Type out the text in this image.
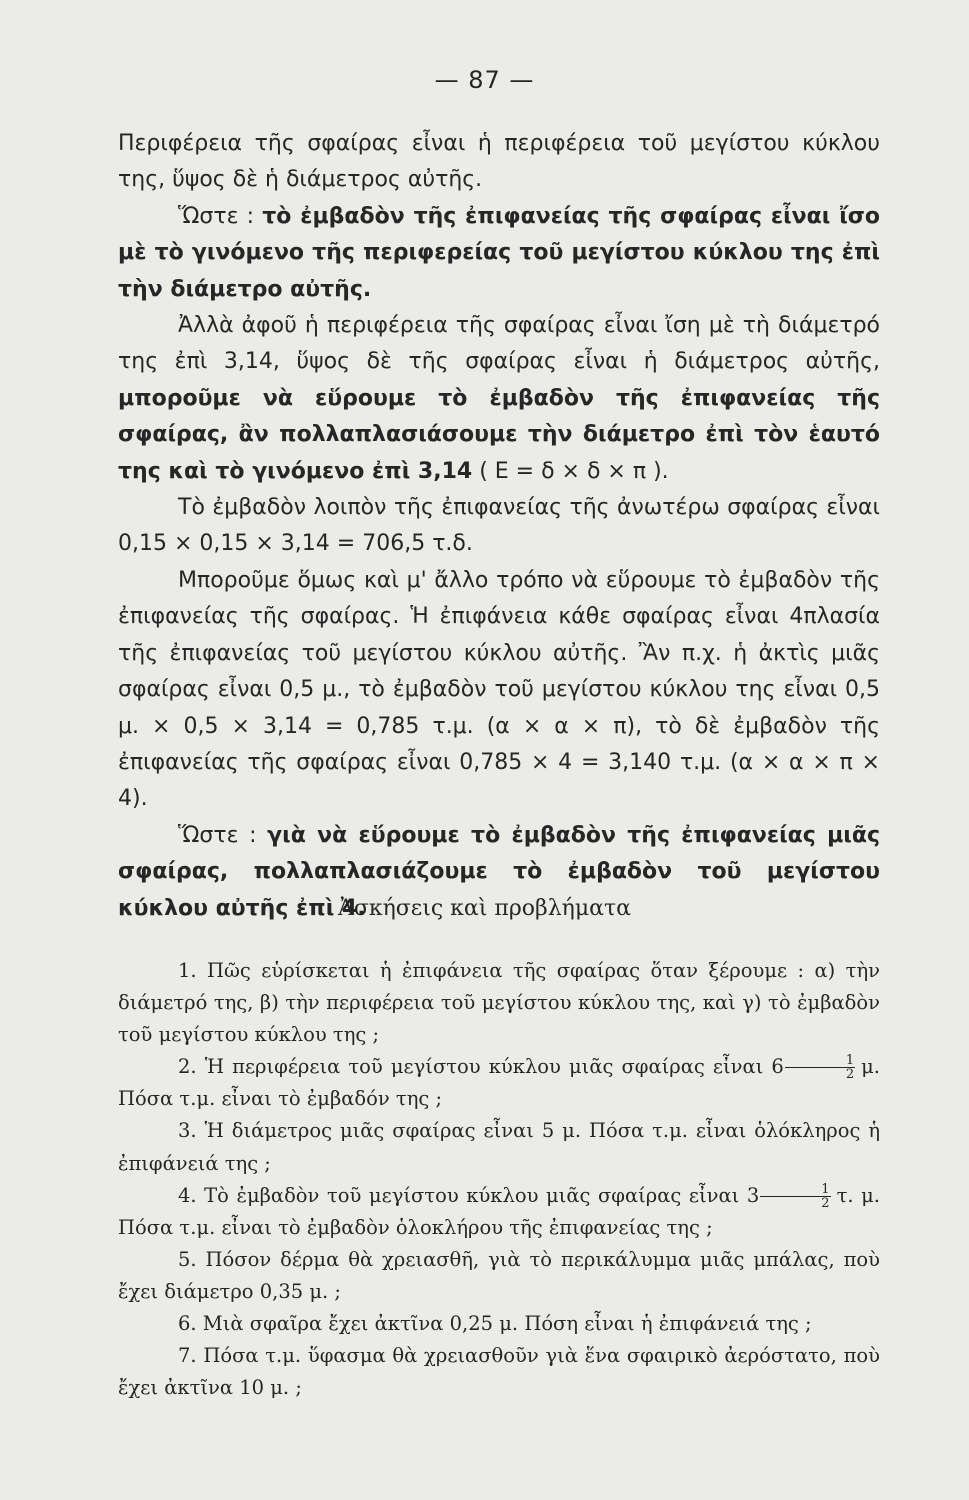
— 87 —

Περιφέρεια τῆς σφαίρας εἶναι ἡ περιφέρεια τοῦ μεγίστου κύκλου της, ὕψος δὲ ἡ διάμετρος αὐτῆς.

Ὥστε : τὸ ἐμβαδὸν τῆς ἐπιφανείας τῆς σφαίρας εἶναι ἴσο μὲ τὸ γινόμενο τῆς περιφερείας τοῦ μεγίστου κύκλου της ἐπὶ τὴν διάμετρο αὐτῆς.

Ἀλλὰ ἀφοῦ ἡ περιφέρεια τῆς σφαίρας εἶναι ἴση μὲ τὴ διάμετρό της ἐπὶ 3,14, ὕψος δὲ τῆς σφαίρας εἶναι ἡ διάμετρος αὐτῆς, μποροῦμε νὰ εὕρουμε τὸ ἐμβαδὸν τῆς ἐπιφανείας τῆς σφαίρας, ἂν πολλαπλασιάσουμε τὴν διάμετρο ἐπὶ τὸν ἑαυτό της καὶ τὸ γινόμενο ἐπὶ 3,14 ( E = δ × δ × π ).

Τὸ ἐμβαδὸν λοιπὸν τῆς ἐπιφανείας τῆς ἀνωτέρω σφαίρας εἶναι 0,15 × 0,15 × 3,14 = 706,5 τ.δ.

Μποροῦμε ὅμως καὶ μ' ἄλλο τρόπο νὰ εὕρουμε τὸ ἐμβαδὸν τῆς ἐπιφανείας τῆς σφαίρας. Ἡ ἐπιφάνεια κάθε σφαίρας εἶναι 4πλασία τῆς ἐπιφανείας τοῦ μεγίστου κύκλου αὐτῆς. Ἂν π.χ. ἡ ἀκτὶς μιᾶς σφαίρας εἶναι 0,5 μ., τὸ ἐμβαδὸν τοῦ μεγίστου κύκλου της εἶναι 0,5 μ. × 0,5 × 3,14 = 0,785 τ.μ. (α × α × π), τὸ δὲ ἐμβαδὸν τῆς ἐπιφανείας τῆς σφαίρας εἶναι 0,785 × 4 = 3,140 τ.μ. (α × α × π × 4).

Ὥστε : γιὰ νὰ εὕρουμε τὸ ἐμβαδὸν τῆς ἐπιφανείας μιᾶς σφαίρας, πολλαπλασιάζουμε τὸ ἐμβαδὸν τοῦ μεγίστου κύκλου αὐτῆς ἐπὶ 4.

Ἀσκήσεις καὶ προβλήματα

1. Πῶς εὑρίσκεται ἡ ἐπιφάνεια τῆς σφαίρας ὅταν ξέρουμε : α) τὴν διάμετρό της, β) τὴν περιφέρεια τοῦ μεγίστου κύκλου της, καὶ γ) τὸ ἐμβαδὸν τοῦ μεγίστου κύκλου της ;

2. Ἡ περιφέρεια τοῦ μεγίστου κύκλου μιᾶς σφαίρας εἶναι $6 \frac{1}{2} \mu$. Πόσα τ.μ. εἶναι τὸ ἐμβαδόν της ;

3. Ἡ διάμετρος μιᾶς σφαίρας εἶναι 5 μ. Πόσα τ.μ. εἶναι ὁλόκληρος ἡ ἐπιφάνειά της ;

4. Τὸ ἐμβαδὸν τοῦ μεγίστου κύκλου μιᾶς σφαίρας εἶναι $3 \frac{1}{2} \tau$. μ. Πόσα τ.μ. εἶναι τὸ ἐμβαδὸν ὁλοκλήρου τῆς ἐπιφανείας της ;

5. Πόσον δέρμα θὰ χρειασθῆ, γιὰ τὸ περικάλυμμα μιᾶς μπάλας, ποὺ ἔχει διάμετρο 0,35 μ. ;

6. Μιὰ σφαῖρα ἔχει ἀκτῖνα 0,25 μ. Πόση εἶναι ἡ ἐπιφάνειά της ;

7. Πόσα τ.μ. ὕφασμα θὰ χρειασθοῦν γιὰ ἕνα σφαιρικὸ ἀερόστατο, ποὺ ἔχει ἀκτῖνα 10 μ. ;
